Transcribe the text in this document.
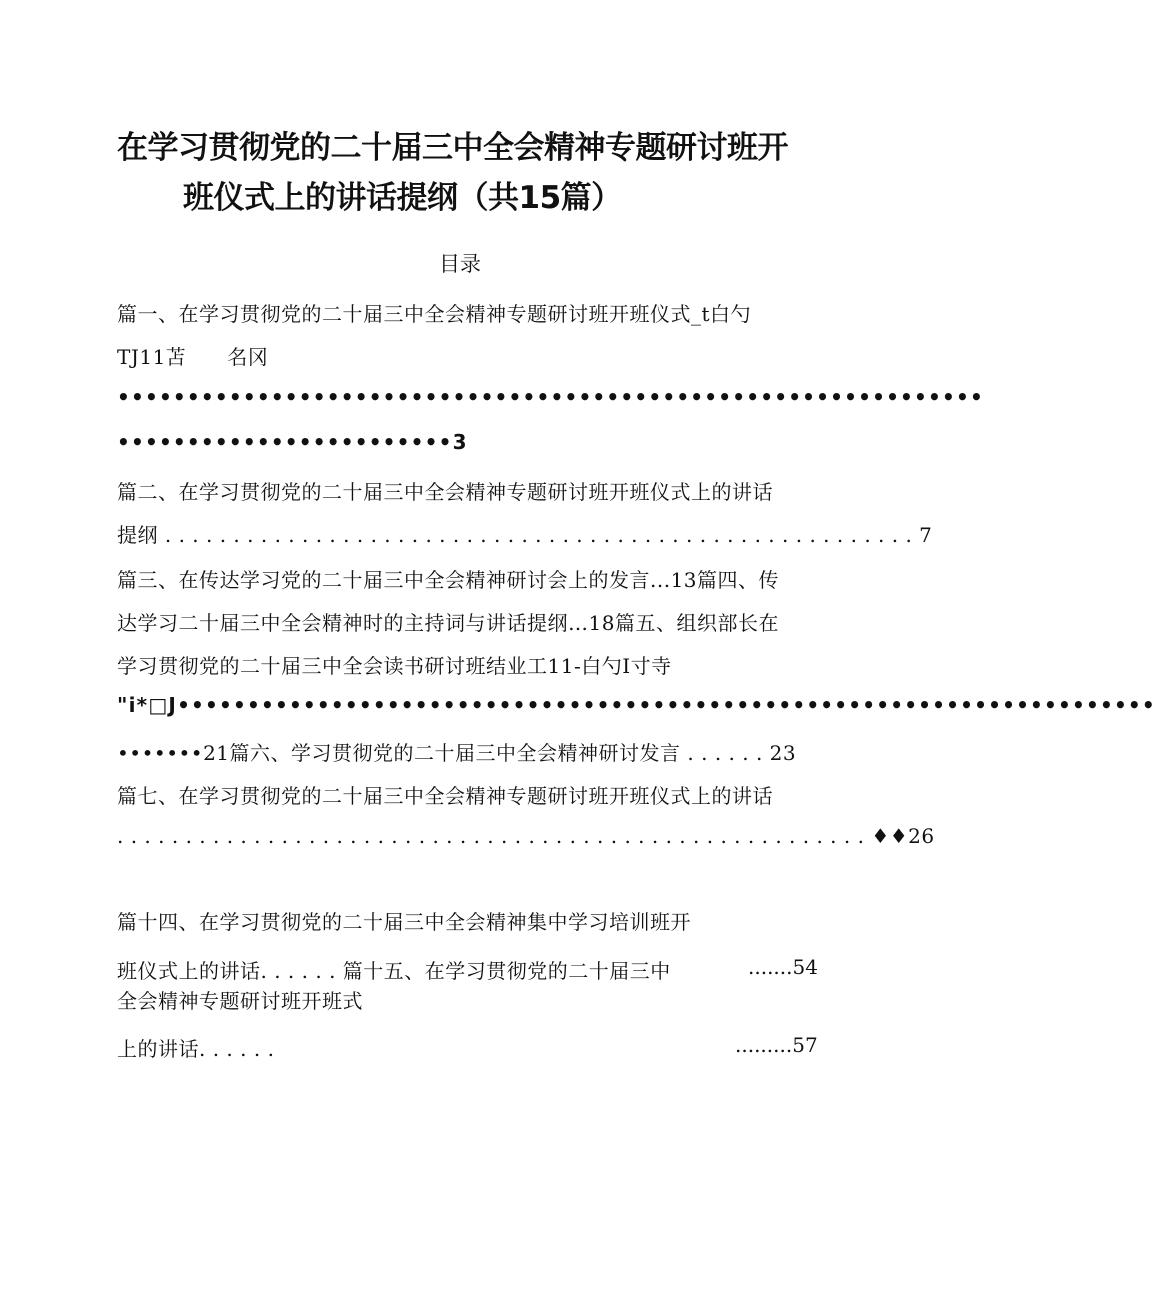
在学习贯彻党的二十届三中全会精神专题研讨班开
班仪式上的讲话提纲（共15篇）
目录
篇一、在学习贯彻党的二十届三中全会精神专题研讨班开班仪式_t白勺
TJ11苫　　名冈
••••••••••••••••••••••••••••••••••••••••••••••••••••••••••••••
••••••••••••••••••••••••3
篇二、在学习贯彻党的二十届三中全会精神专题研讨班开班仪式上的讲话
提纲 . . . . . . . . . . . . . . . . . . . . . . . . . . . . . . . . . . . . . . . . . . . . . . . . . . . . . . . 7
篇三、在传达学习党的二十届三中全会精神研讨会上的发言...13篇四、传
达学习二十届三中全会精神时的主持词与讲话提纲…18篇五、组织部长在
学习贯彻党的二十届三中全会读书研讨班结业工11-白勺I寸寺
"i*□J••••••••••••••••••••••••••••••••••••••••••••••••••••••••••••••••••••••
•••••••21篇六、学习贯彻党的二十届三中全会精神研讨发言 . . . . . . 23
篇七、在学习贯彻党的二十届三中全会精神专题研讨班开班仪式上的讲话
. . . . . . . . . . . . . . . . . . . . . . . . . . . . . . . . . . . . . . . . . . . . . . . . . . . . . . . ♦♦26
篇十四、在学习贯彻党的二十届三中全会精神集中学习培训班开
班仪式上的讲话. . . . . . 篇十五、在学习贯彻党的二十届三中	.......54
全会精神专题研讨班开班式
上的讲话. . . . . .	.........57
